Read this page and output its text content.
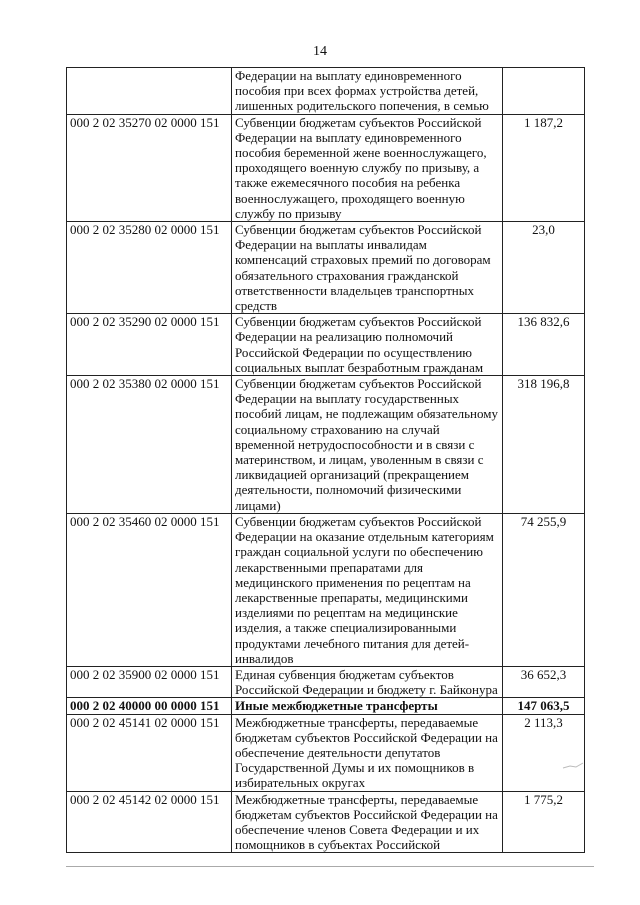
14
	Федерации на выплату единовременного пособия при всех формах устройства детей, лишенных родительского попечения, в семью	
000 2 02 35270 02 0000 151	Субвенции бюджетам субъектов Российской Федерации на выплату единовременного пособия беременной жене военнослужащего, проходящего военную службу по призыву, а также ежемесячного пособия на ребенка военнослужащего, проходящего военную службу по призыву	1 187,2
000 2 02 35280 02 0000 151	Субвенции бюджетам субъектов Российской Федерации на выплаты инвалидам компенсаций страховых премий по договорам обязательного страхования гражданской ответственности владельцев транспортных средств	23,0
000 2 02 35290 02 0000 151	Субвенции бюджетам субъектов Российской Федерации на реализацию полномочий Российской Федерации по осуществлению социальных выплат безработным гражданам	136 832,6
000 2 02 35380 02 0000 151	Субвенции бюджетам субъектов Российской Федерации на выплату государственных пособий лицам, не подлежащим обязательному социальному страхованию на случай временной нетрудоспособности и в связи с материнством, и лицам, уволенным в связи с ликвидацией организаций (прекращением деятельности, полномочий физическими лицами)	318 196,8
000 2 02 35460 02 0000 151	Субвенции бюджетам субъектов Российской Федерации на оказание отдельным категориям граждан социальной услуги по обеспечению лекарственными препаратами для медицинского применения по рецептам на лекарственные препараты, медицинскими изделиями по рецептам на медицинские изделия, а также специализированными продуктами лечебного питания для детей-инвалидов	74 255,9
000 2 02 35900 02 0000 151	Единая субвенция бюджетам субъектов Российской Федерации и бюджету г. Байконура	36 652,3
000 2 02 40000 00 0000 151	Иные межбюджетные трансферты	147 063,5
000 2 02 45141 02 0000 151	Межбюджетные трансферты, передаваемые бюджетам субъектов Российской Федерации на обеспечение деятельности депутатов Государственной Думы и их помощников в избирательных округах	2 113,3
000 2 02 45142 02 0000 151	Межбюджетные трансферты, передаваемые бюджетам субъектов Российской Федерации на обеспечение членов Совета Федерации и их помощников в субъектах Российской	1 775,2
